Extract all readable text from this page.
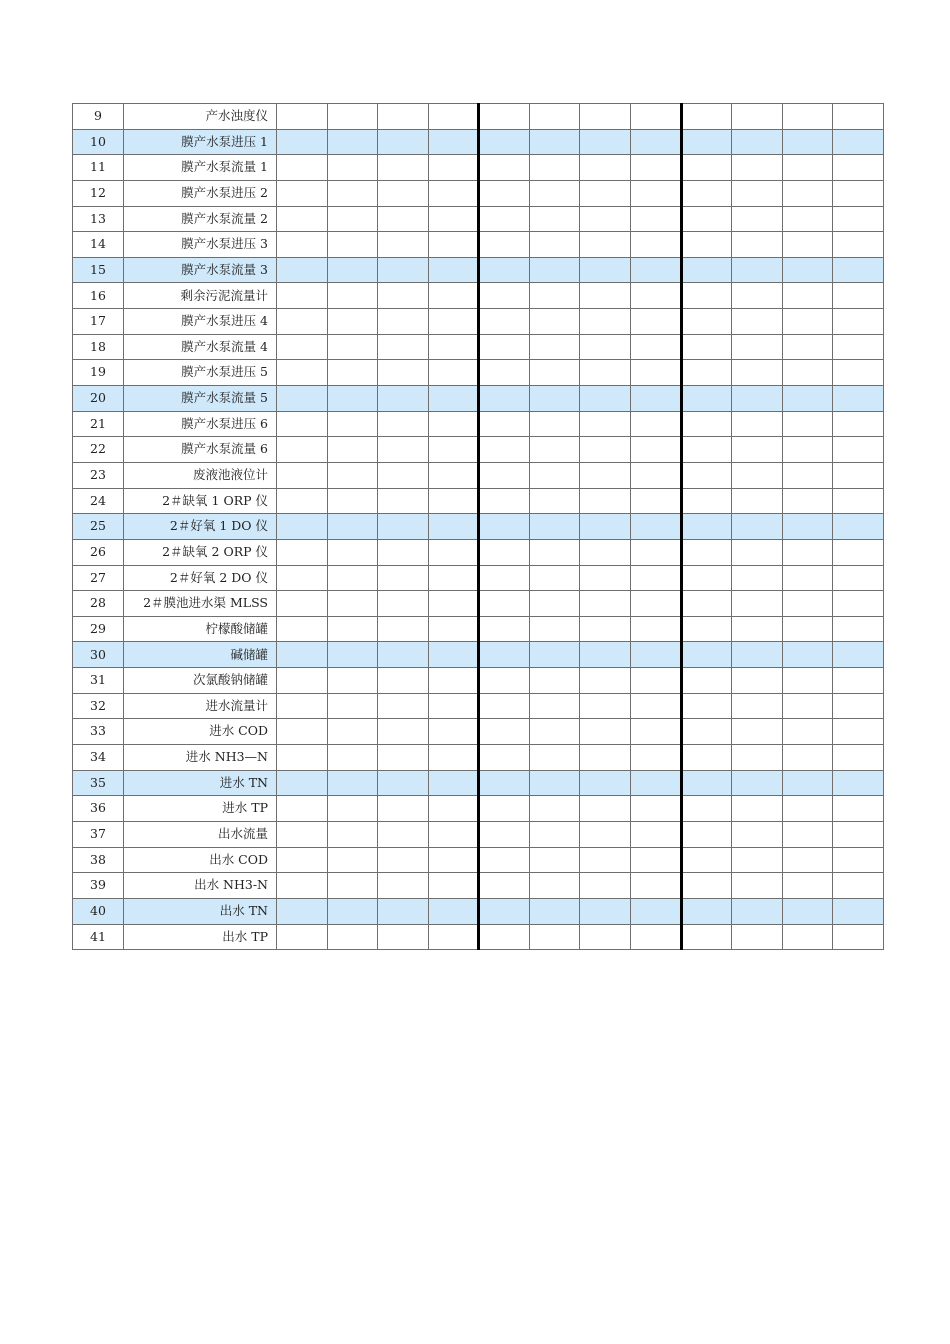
9	产水浊度仪												
10	膜产水泵进压 1												
11	膜产水泵流量 1												
12	膜产水泵进压 2												
13	膜产水泵流量 2												
14	膜产水泵进压 3												
15	膜产水泵流量 3												
16	剩余污泥流量计												
17	膜产水泵进压 4												
18	膜产水泵流量 4												
19	膜产水泵进压 5												
20	膜产水泵流量 5												
21	膜产水泵进压 6												
22	膜产水泵流量 6												
23	废液池液位计												
24	2＃缺氧 1 ORP 仪												
25	2＃好氧 1 DO 仪												
26	2＃缺氧 2 ORP 仪												
27	2＃好氧 2 DO 仪												
28	2＃膜池进水渠 MLSS												
29	柠檬酸储罐												
30	碱储罐												
31	次氯酸钠储罐												
32	进水流量计												
33	进水 COD												
34	进水 NH3—N												
35	进水 TN												
36	进水 TP												
37	出水流量												
38	出水 COD												
39	出水 NH3-N												
40	出水 TN												
41	出水 TP												
